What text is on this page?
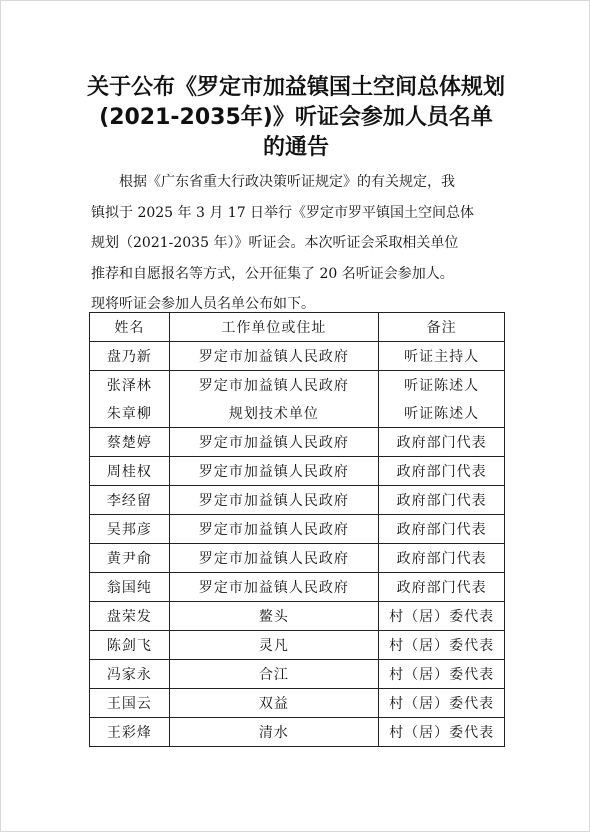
关于公布《罗定市加益镇国土空间总体规划
(2021-2035年)》听证会参加人员名单
的通告

根据《广东省重大行政决策听证规定》的有关规定，我

镇拟于 2025 年 3 月 17 日举行《罗定市罗平镇国土空间总体

规划（2021-2035 年）》听证会。本次听证会采取相关单位

推荐和自愿报名等方式，公开征集了 20 名听证会参加人。

现将听证会参加人员名单公布如下。

姓名	工作单位或住址	备注
盘乃新	罗定市加益镇人民政府	听证主持人
张泽林	罗定市加益镇人民政府	听证陈述人
朱章柳	规划技术单位	听证陈述人
蔡楚婷	罗定市加益镇人民政府	政府部门代表
周桂权	罗定市加益镇人民政府	政府部门代表
李经留	罗定市加益镇人民政府	政府部门代表
吴邦彦	罗定市加益镇人民政府	政府部门代表
黄尹俞	罗定市加益镇人民政府	政府部门代表
翁国纯	罗定市加益镇人民政府	政府部门代表
盘荣发	鳌头	村（居）委代表
陈剑飞	灵凡	村（居）委代表
冯家永	合江	村（居）委代表
王国云	双益	村（居）委代表
王彩烽	清水	村（居）委代表
